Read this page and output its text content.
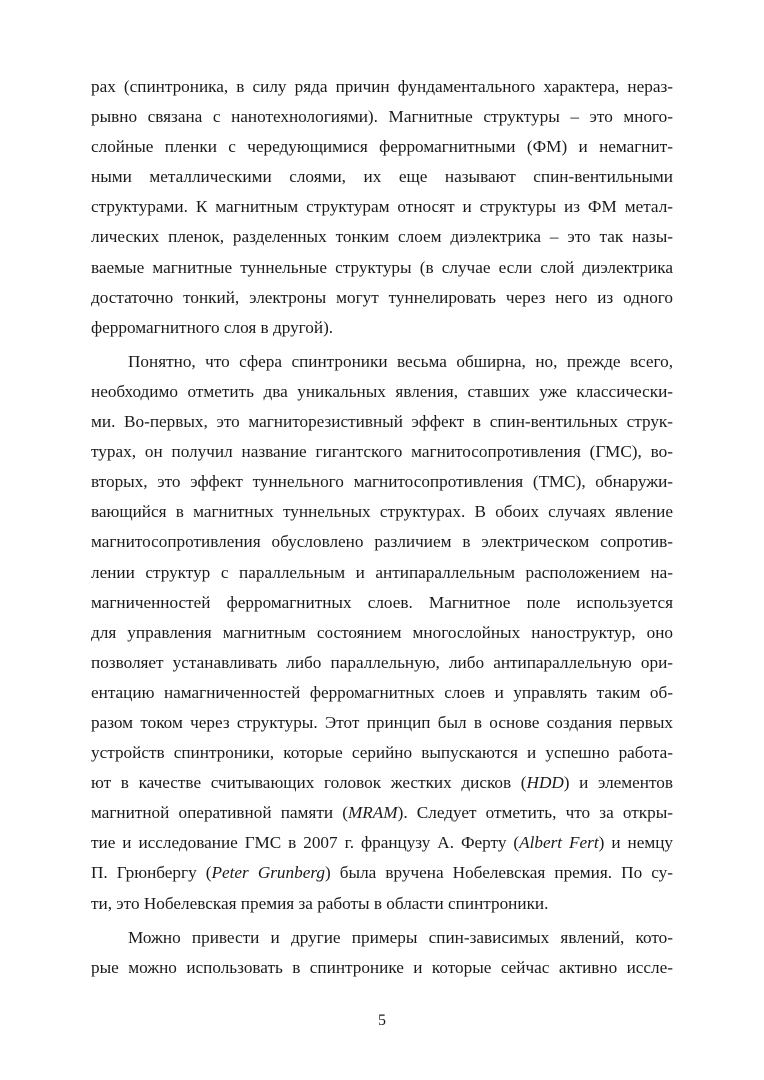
рах (спинтроника, в силу ряда причин фундаментального характера, нераз-
рывно связана с нанотехнологиями). Магнитные структуры – это много-
слойные пленки с чередующимися ферромагнитными (ФМ) и немагнит-
ными металлическими слоями, их еще называют спин-вентильными
структурами. К магнитным структурам относят и структуры из ФМ метал-
лических пленок, разделенных тонким слоем диэлектрика – это так назы-
ваемые магнитные туннельные структуры (в случае если слой диэлектрика
достаточно тонкий, электроны могут туннелировать через него из одного
ферромагнитного слоя в другой).
Понятно, что сфера спинтроники весьма обширна, но, прежде всего,
необходимо отметить два уникальных явления, ставших уже классически-
ми. Во-первых, это магниторезистивный эффект в спин-вентильных струк-
турах, он получил название гигантского магнитосопротивления (ГМС), во-
вторых, это эффект туннельного магнитосопротивления (ТМС), обнаружи-
вающийся в магнитных туннельных структурах. В обоих случаях явление
магнитосопротивления обусловлено различием в электрическом сопротив-
лении структур с параллельным и антипараллельным расположением на-
магниченностей ферромагнитных слоев. Магнитное поле используется
для управления магнитным состоянием многослойных наноструктур, оно
позволяет устанавливать либо параллельную, либо антипараллельную ори-
ентацию намагниченностей ферромагнитных слоев и управлять таким об-
разом током через структуры. Этот принцип был в основе создания первых
устройств спинтроники, которые серийно выпускаются и успешно работа-
ют в качестве считывающих головок жестких дисков (HDD) и элементов
магнитной оперативной памяти (MRAM). Следует отметить, что за откры-
тие и исследование ГМС в 2007 г. французу А. Ферту (Albert Fert) и немцу
П. Грюнбергу (Peter Grunberg) была вручена Нобелевская премия. По су-
ти, это Нобелевская премия за работы в области спинтроники.
Можно привести и другие примеры спин-зависимых явлений, кото-
рые можно использовать в спинтронике и которые сейчас активно иссле-
5
